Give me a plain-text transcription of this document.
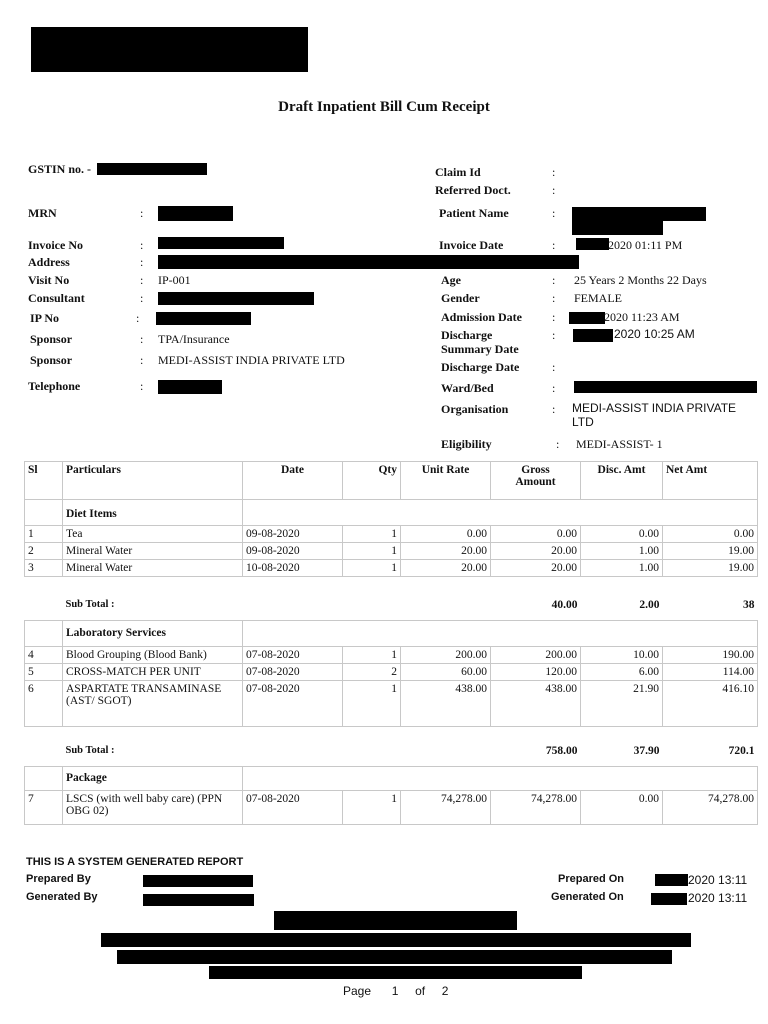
Draft Inpatient Bill Cum Receipt
GSTIN no. -
MRN	:
Invoice No	:
Address	:
Visit No	: IP-001
Consultant	:
IP No	:
Sponsor	: TPA/Insurance
Sponsor	: MEDI-ASSIST INDIA PRIVATE LTD
Telephone	:
Claim Id	:
Referred Doct.	:
Patient Name	:
Invoice Date	:	2020 01:11 PM
Age	: 25 Years 2 Months 22 Days
Gender	: FEMALE
Admission Date :	2020 11:23 AM
Discharge
Summary Date
:	2020 10:25 AM
Discharge Date	:
Ward/Bed	:
Organisation	: MEDI-ASSIST INDIA PRIVATE
LTD
Eligibility	: MEDI-ASSIST- 1
Sl	Particulars	Date	Qty	Unit Rate	Gross
Amount	Disc. Amt	Net Amt
	Diet Items						
1	Tea	09-08-2020	1	0.00	0.00	0.00	0.00
2	Mineral Water	09-08-2020	1	20.00	20.00	1.00	19.00
3	Mineral Water	10-08-2020	1	20.00	20.00	1.00	19.00

	Sub Total :				40.00	2.00	38
	Laboratory Services						
4	Blood Grouping (Blood Bank)	07-08-2020	1	200.00	200.00	10.00	190.00
5	CROSS-MATCH PER UNIT	07-08-2020	2	60.00	120.00	6.00	114.00
6	ASPARTATE TRANSAMINASE (AST/ SGOT)	07-08-2020	1	438.00	438.00	21.90	416.10

	Sub Total :				758.00	37.90	720.1
	Package						
7	LSCS (with well baby care) (PPN OBG 02)	07-08-2020	1	74,278.00	74,278.00	0.00	74,278.00
THIS IS A SYSTEM GENERATED REPORT
Prepared By
Generated By
Prepared On	2020 13:11
Generated On	2020 13:11
Page 1 of 2
